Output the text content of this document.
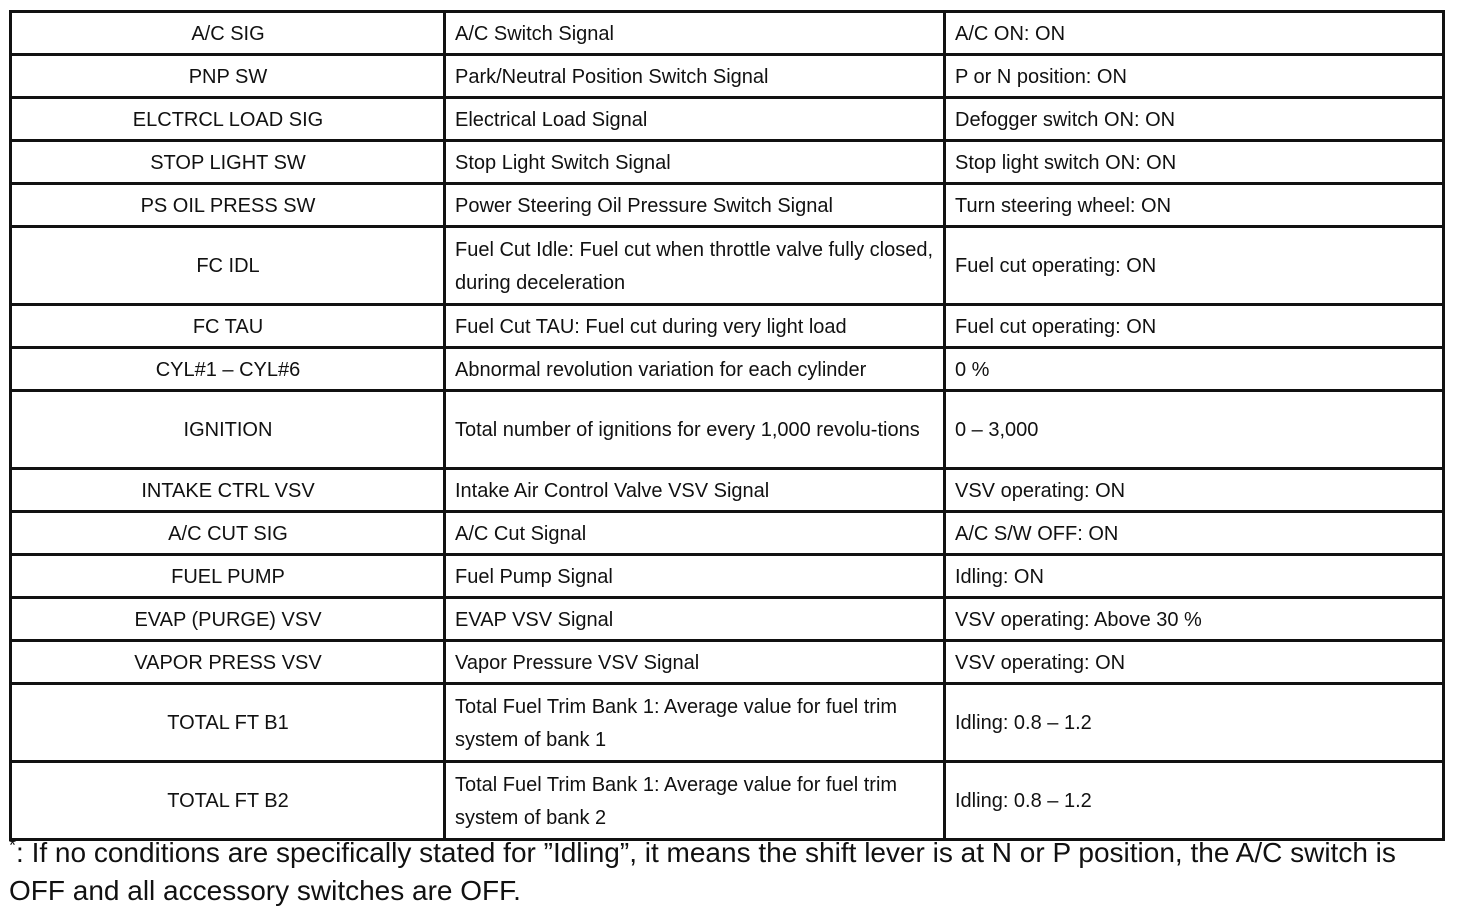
A/C SIG	A/C Switch Signal	A/C ON: ON
PNP SW	Park/Neutral Position Switch Signal	P or N position: ON
ELCTRCL LOAD SIG	Electrical Load Signal	Defogger switch ON: ON
STOP LIGHT SW	Stop Light Switch Signal	Stop light switch ON: ON
PS OIL PRESS SW	Power Steering Oil Pressure Switch Signal	Turn steering wheel: ON
FC IDL	Fuel Cut Idle: Fuel cut when throttle valve fully closed, during deceleration	Fuel cut operating: ON
FC TAU	Fuel Cut TAU: Fuel cut during very light load	Fuel cut operating: ON
CYL#1 – CYL#6	Abnormal revolution variation for each cylinder	0 %
IGNITION	Total number of ignitions for every 1,000 revolu-tions	0 – 3,000
INTAKE CTRL VSV	Intake Air Control Valve VSV Signal	VSV operating: ON
A/C CUT SIG	A/C Cut Signal	A/C S/W OFF: ON
FUEL PUMP	Fuel Pump Signal	Idling: ON
EVAP (PURGE) VSV	EVAP VSV Signal	VSV operating: Above 30 %
VAPOR PRESS VSV	Vapor Pressure VSV Signal	VSV operating: ON
TOTAL FT B1	Total Fuel Trim Bank 1: Average value for fuel trim system of bank 1	Idling: 0.8 – 1.2
TOTAL FT B2	Total Fuel Trim Bank 1: Average value for fuel trim system of bank 2	Idling: 0.8 – 1.2
*: If no conditions are specifically stated for ”Idling”, it means the shift lever is at N or P position, the A/C switch is OFF and all accessory switches are OFF.
